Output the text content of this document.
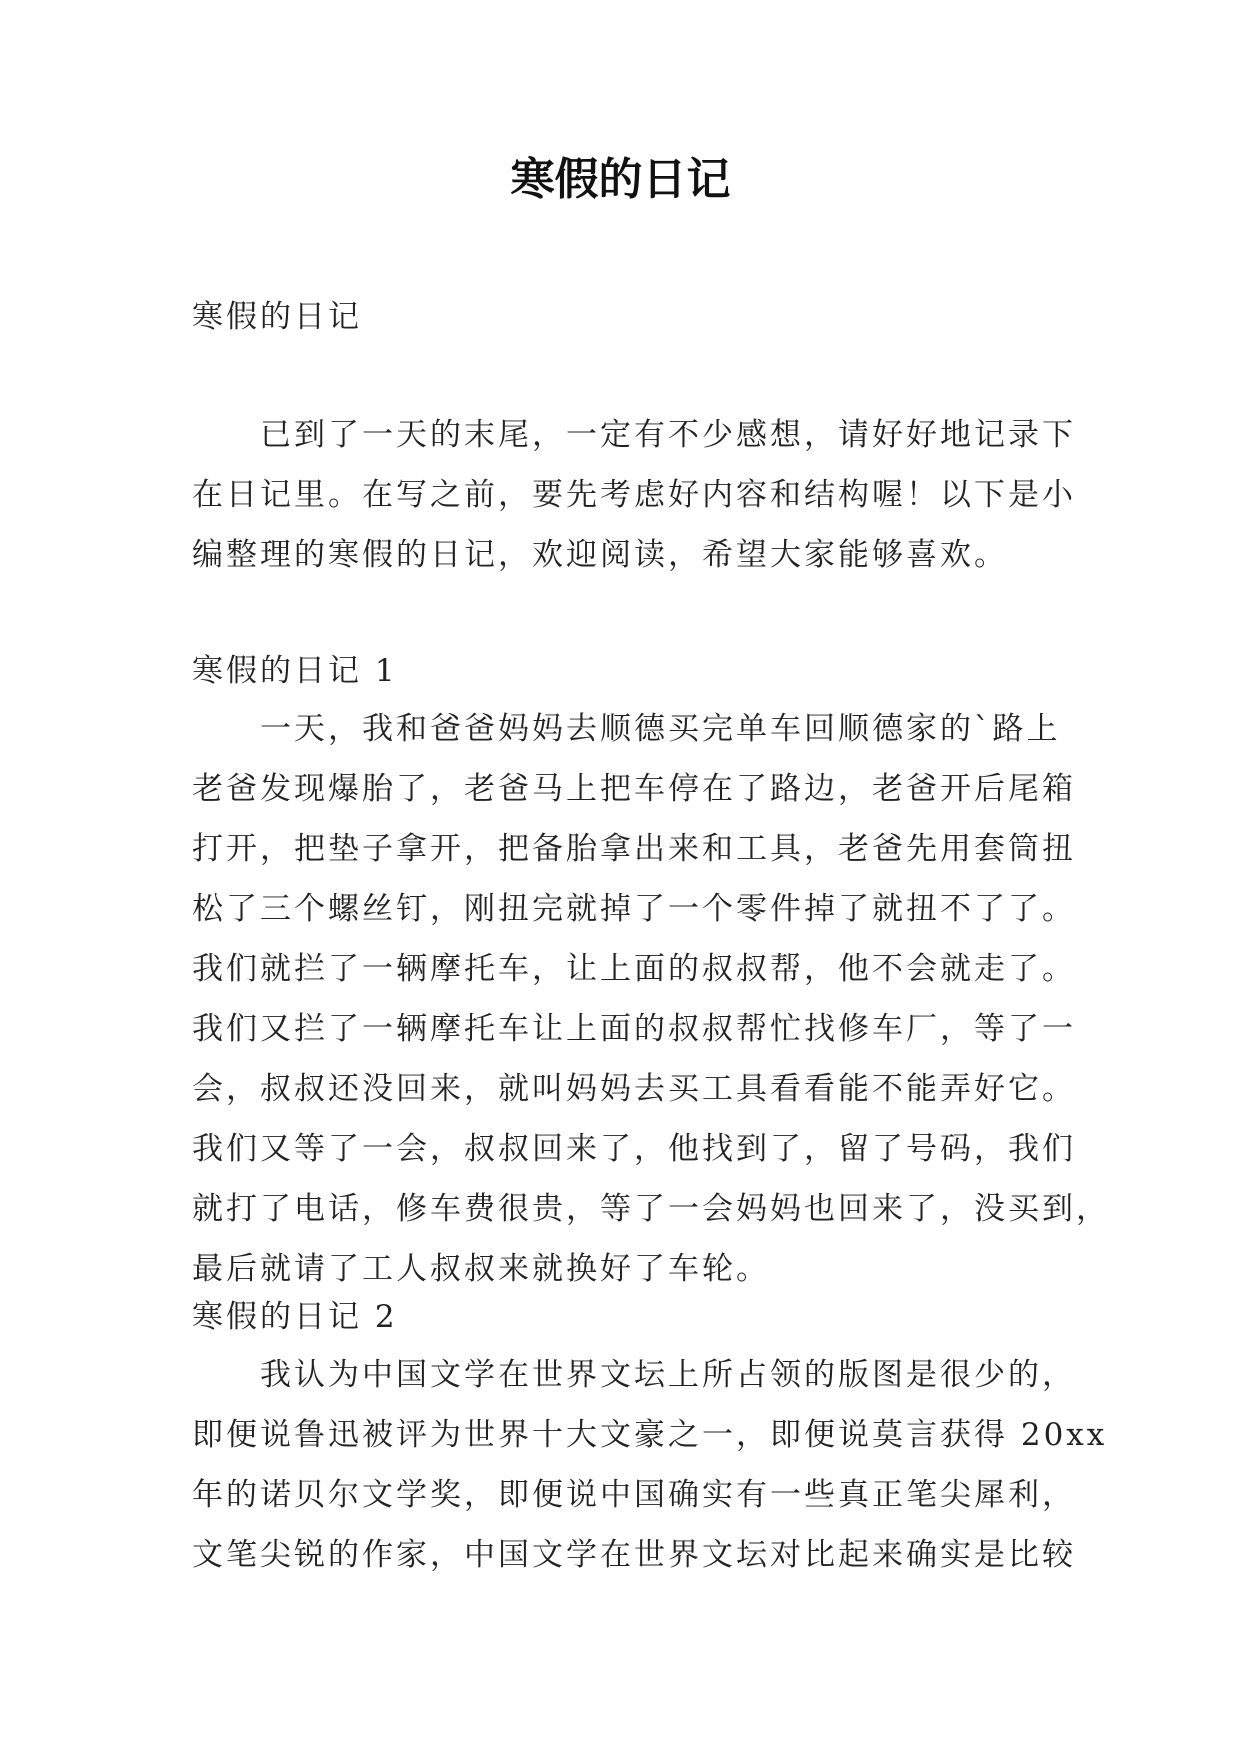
寒假的日记

寒假的日记

　　已到了一天的末尾，一定有不少感想，请好好地记录下
在日记里。在写之前，要先考虑好内容和结构喔！以下是小
编整理的寒假的日记，欢迎阅读，希望大家能够喜欢。

寒假的日记 1

　　一天，我和爸爸妈妈去顺德买完单车回顺德家的`路上
老爸发现爆胎了，老爸马上把车停在了路边，老爸开后尾箱
打开，把垫子拿开，把备胎拿出来和工具，老爸先用套筒扭
松了三个螺丝钉，刚扭完就掉了一个零件掉了就扭不了了。
我们就拦了一辆摩托车，让上面的叔叔帮，他不会就走了。
我们又拦了一辆摩托车让上面的叔叔帮忙找修车厂，等了一
会，叔叔还没回来，就叫妈妈去买工具看看能不能弄好它。
我们又等了一会，叔叔回来了，他找到了，留了号码，我们
就打了电话，修车费很贵，等了一会妈妈也回来了，没买到，
最后就请了工人叔叔来就换好了车轮。

寒假的日记 2

　　我认为中国文学在世界文坛上所占领的版图是很少的，
即便说鲁迅被评为世界十大文豪之一，即便说莫言获得 20xx
年的诺贝尔文学奖，即便说中国确实有一些真正笔尖犀利，
文笔尖锐的作家，中国文学在世界文坛对比起来确实是比较
